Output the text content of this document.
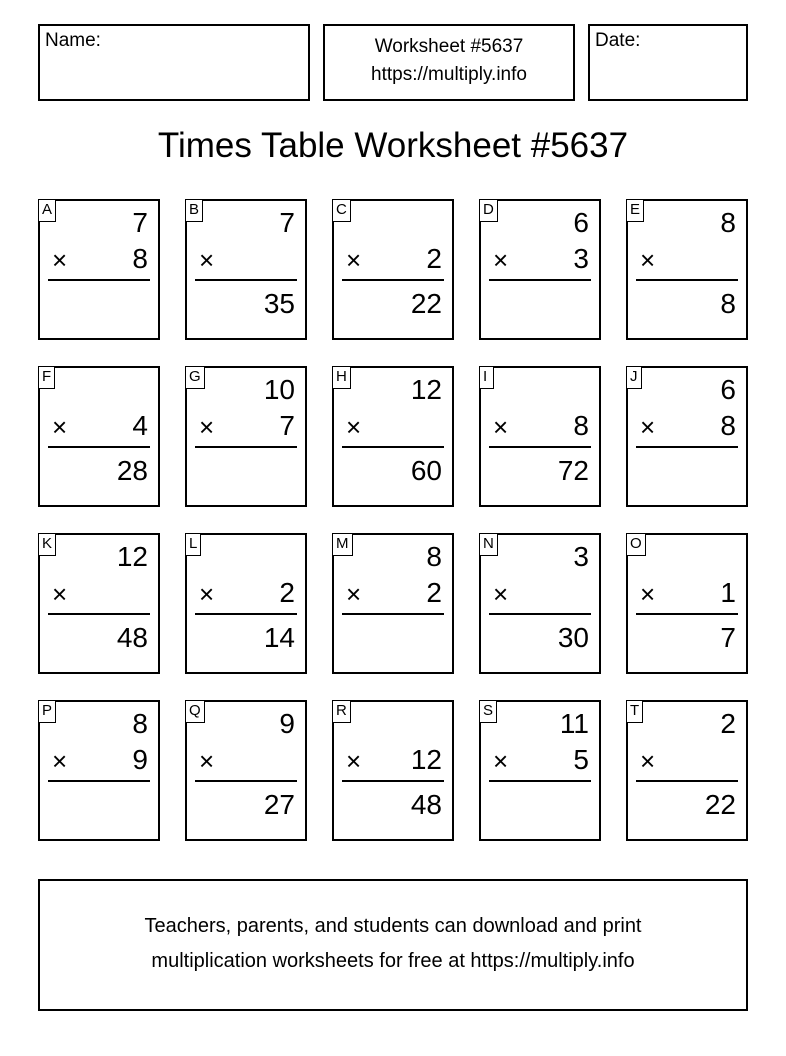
Name:	Worksheet #5637
https://multiply.info
Date:
Times Table Worksheet #5637
A	7
× 8
B	7
×
35
C
× 2
22
D	6
× 3
E	8
×
8
F
× 4
28
G 10
× 7
H 12
×
60
I
× 8
72
J	6
× 8
K 12
×
48
L
× 2
14
M	8
× 2
N	3
×
30
O
× 1
7
P	8
× 9
Q	9
×
27
R
× 12
48
S 11
× 5
T	2
×
22
Teachers, parents, and students can download and print
multiplication worksheets for free at https://multiply.info
